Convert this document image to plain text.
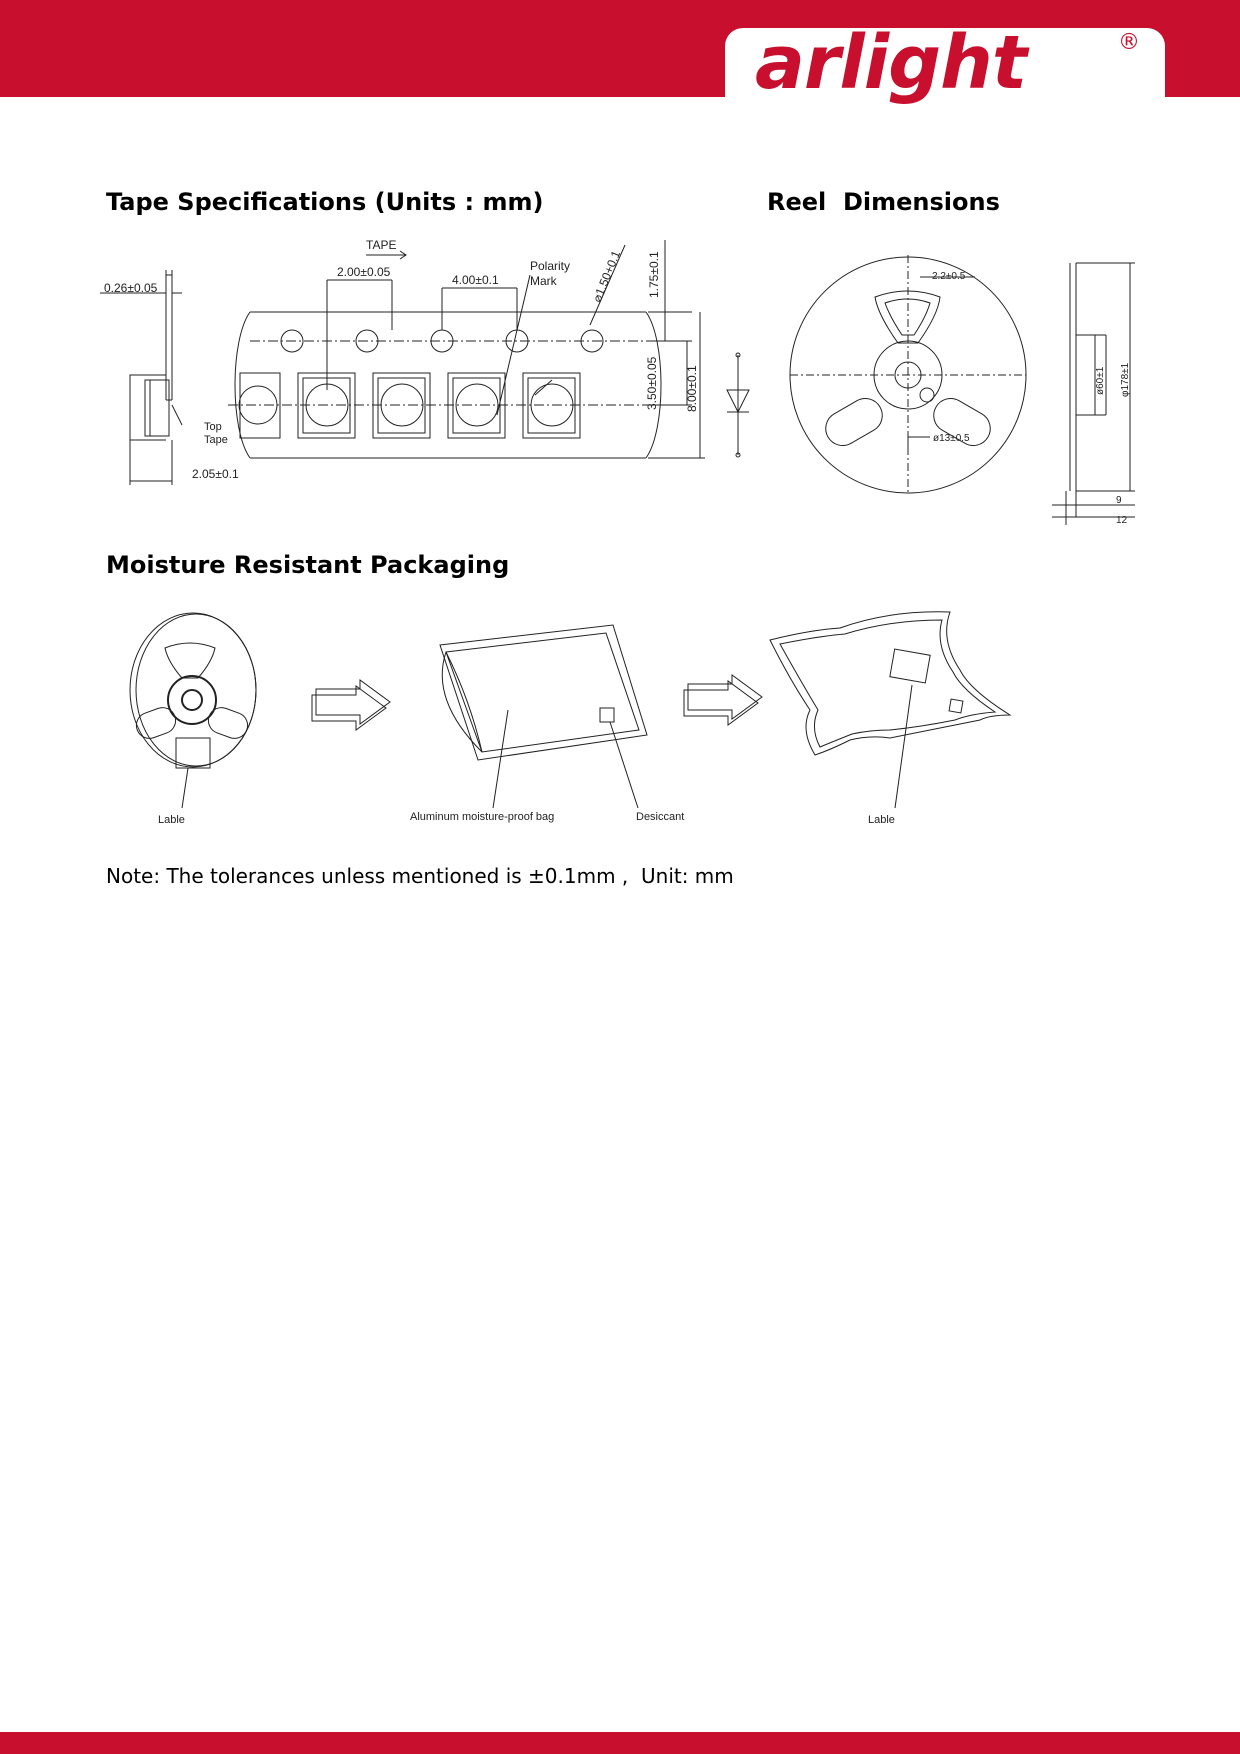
arlight	®
Tape Specifications (Units : mm)	Reel  Dimensions
Moisture Resistant Packaging
TAPE
0.26±0.05
2.00±0.05
4.00±0.1
Polarity
Mark	⌀1.50+0.1 1.75±0.1
3.50±0.05 8.00±0.1
Top
Tape
2.05±0.1
2.2±0.5
ø13±0.5
ø60±1 φ178±1
9
12
Lable	Aluminum moisture-proof bag	Desiccant	Lable
Note: The tolerances unless mentioned is ±0.1mm ,  Unit: mm
